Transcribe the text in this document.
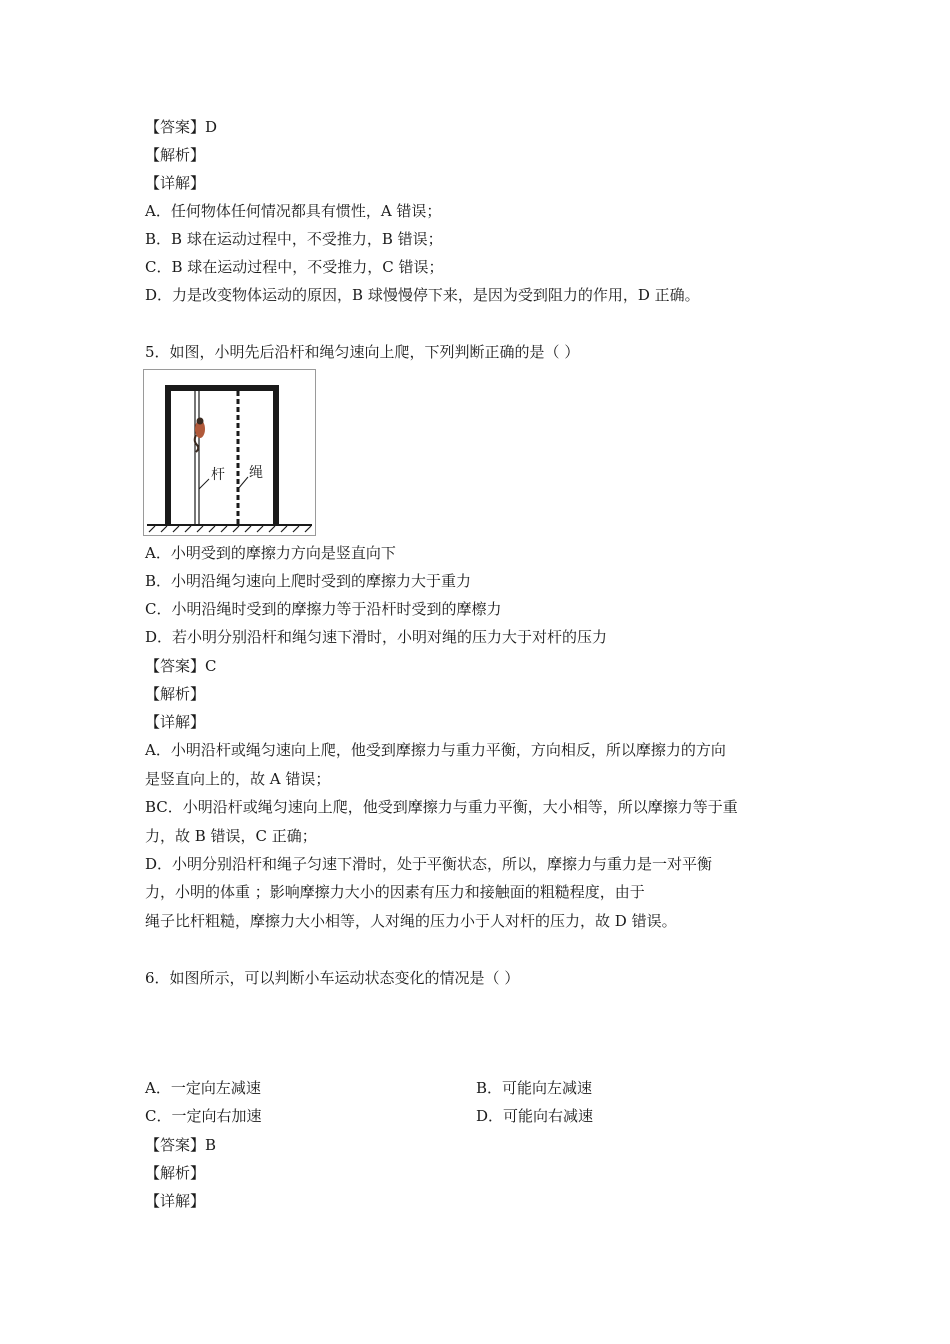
【答案】D
【解析】
【详解】
A．任何物体任何情况都具有惯性，A 错误；
B．B 球在运动过程中，不受推力，B 错误；
C．B 球在运动过程中，不受推力，C 错误；
D．力是改变物体运动的原因，B 球慢慢停下来，是因为受到阻力的作用，D 正确。
5．如图，小明先后沿杆和绳匀速向上爬，下列判断正确的是（ ）
杆 绳
A．小明受到的摩擦力方向是竖直向下
B．小明沿绳匀速向上爬时受到的摩擦力大于重力
C．小明沿绳时受到的摩擦力等于沿杆时受到的摩檫力
D．若小明分别沿杆和绳匀速下滑时，小明对绳的压力大于对杆的压力
【答案】C
【解析】
【详解】
A．小明沿杆或绳匀速向上爬，他受到摩擦力与重力平衡，方向相反，所以摩擦力的方向
是竖直向上的，故 A 错误；
BC．小明沿杆或绳匀速向上爬，他受到摩擦力与重力平衡，大小相等，所以摩擦力等于重
力，故 B 错误，C 正确；
D．小明分别沿杆和绳子匀速下滑时，处于平衡状态，所以，摩擦力与重力是一对平衡
力，小明的体重 ；影响摩擦力大小的因素有压力和接触面的粗糙程度，由于
绳子比杆粗糙，摩擦力大小相等，人对绳的压力小于人对杆的压力，故 D 错误。
6．如图所示，可以判断小车运动状态变化的情况是（ ）
A．一定向左减速	B．可能向左减速
C．一定向右加速	D．可能向右减速
【答案】B
【解析】
【详解】
